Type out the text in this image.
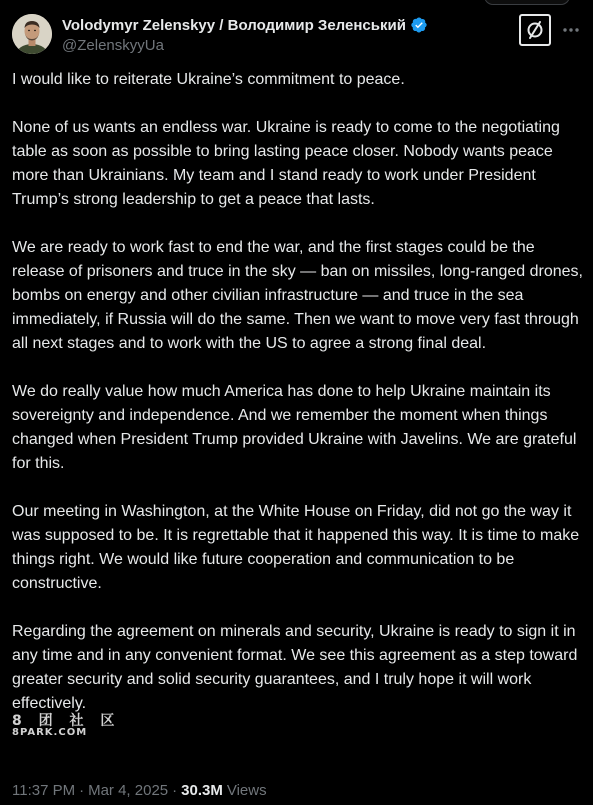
Volodymyr Zelenskyy / Володимир Зеленський
@ZelenskyyUa

I would like to reiterate Ukraine’s commitment to peace.

None of us wants an endless war. Ukraine is ready to come to the negotiating table as soon as possible to bring lasting peace closer. Nobody wants peace more than Ukrainians. My team and I stand ready to work under President Trump’s strong leadership to get a peace that lasts.

We are ready to work fast to end the war, and the first stages could be the release of prisoners and truce in the sky — ban on missiles, long-ranged drones, bombs on energy and other civilian infrastructure — and truce in the sea immediately, if Russia will do the same. Then we want to move very fast through all next stages and to work with the US to agree a strong final deal.

We do really value how much America has done to help Ukraine maintain its sovereignty and independence. And we remember the moment when things changed when President Trump provided Ukraine with Javelins. We are grateful for this.

Our meeting in Washington, at the White House on Friday, did not go the way it was supposed to be. It is regrettable that it happened this way. It is time to make things right. We would like future cooperation and communication to be constructive.

Regarding the agreement on minerals and security, Ukraine is ready to sign it in any time and in any convenient format. We see this agreement as a step toward greater security and solid security guarantees, and I truly hope it will work effectively.

8 团 社 区
8PARK.COM
11:37 PM · Mar 4, 2025 · 30.3M Views
